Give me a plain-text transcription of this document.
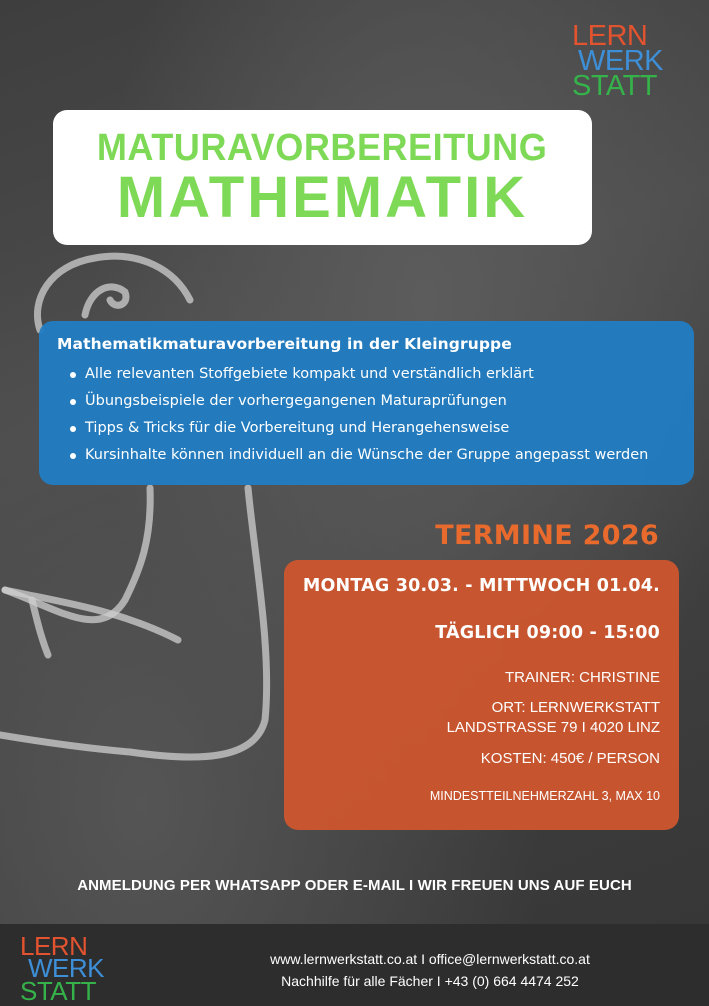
LERN
WERK
STATT
MATURAVORBEREITUNG
MATHEMATIK
Mathematikmaturavorbereitung in der Kleingruppe
Alle relevanten Stoffgebiete kompakt und verständlich erklärt
Übungsbeispiele der vorhergegangenen Maturaprüfungen
Tipps & Tricks für die Vorbereitung und Herangehensweise
Kursinhalte können individuell an die Wünsche der Gruppe angepasst werden
TERMINE 2026
MONTAG 30.03. - MITTWOCH 01.04.
TÄGLICH 09:00 - 15:00
TRAINER: CHRISTINE
ORT: LERNWERKSTATT
LANDSTRASSE 79 I 4020 LINZ
KOSTEN: 450€ / PERSON
MINDESTTEILNEHMERZAHL 3, MAX 10
ANMELDUNG PER WHATSAPP ODER E-MAIL I WIR FREUEN UNS AUF EUCH
www.lernwerkstatt.co.at I office@lernwerkstatt.co.at
Nachhilfe für alle Fächer I +43 (0) 664 4474 252
LERN
WERK
STATT
